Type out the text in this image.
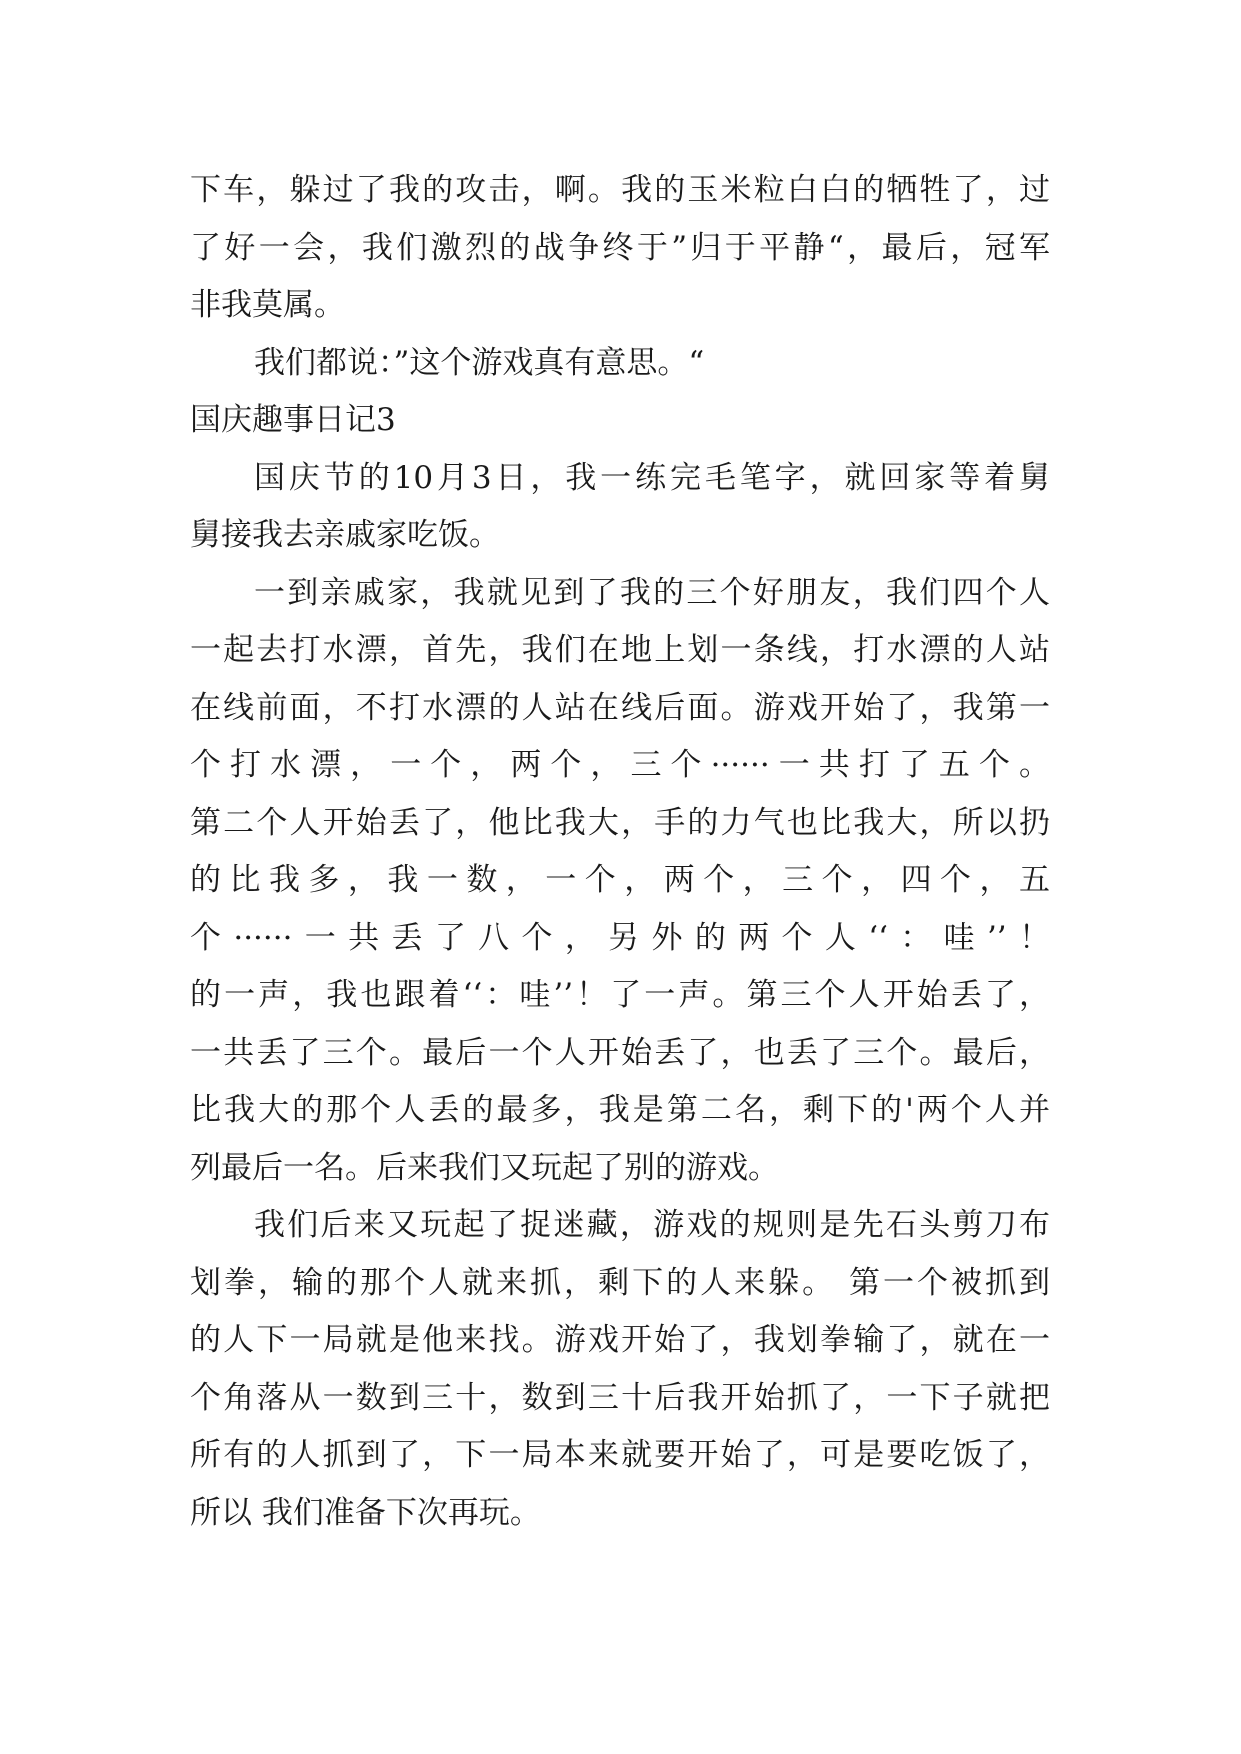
下车，躲过了我的攻击，啊。我的玉米粒白白的牺牲了，过
了好一会，我们激烈的战争终于”归于平静“，最后，冠军
非我莫属。
我们都说：”这个游戏真有意思。“
国庆趣事日记3
国庆节的10月3日，我一练完毛笔字，就回家等着舅
舅接我去亲戚家吃饭。
一到亲戚家，我就见到了我的三个好朋友，我们四个人
一起去打水漂，首先，我们在地上划一条线，打水漂的人站
在线前面，不打水漂的人站在线后面。游戏开始了，我第一
个打水漂，一个，两个，三个······一共打了五个。
第二个人开始丢了，他比我大，手的力气也比我大，所以扔
的比我多，我一数，一个，两个，三个，四个，五
个······一共丢了八个，另外的两个人‘‘：哇’’！
的一声，我也跟着‘‘：哇’’！了一声。第三个人开始丢了，
一共丢了三个。最后一个人开始丢了，也丢了三个。最后，
比我大的那个人丢的最多，我是第二名，剩下的'两个人并
列最后一名。后来我们又玩起了别的游戏。
我们后来又玩起了捉迷藏，游戏的规则是先石头剪刀布
划拳，输的那个人就来抓，剩下的人来躲。 第一个被抓到
的人下一局就是他来找。游戏开始了，我划拳输了，就在一
个角落从一数到三十，数到三十后我开始抓了，一下子就把
所有的人抓到了，下一局本来就要开始了，可是要吃饭了，
所以 我们准备下次再玩。
